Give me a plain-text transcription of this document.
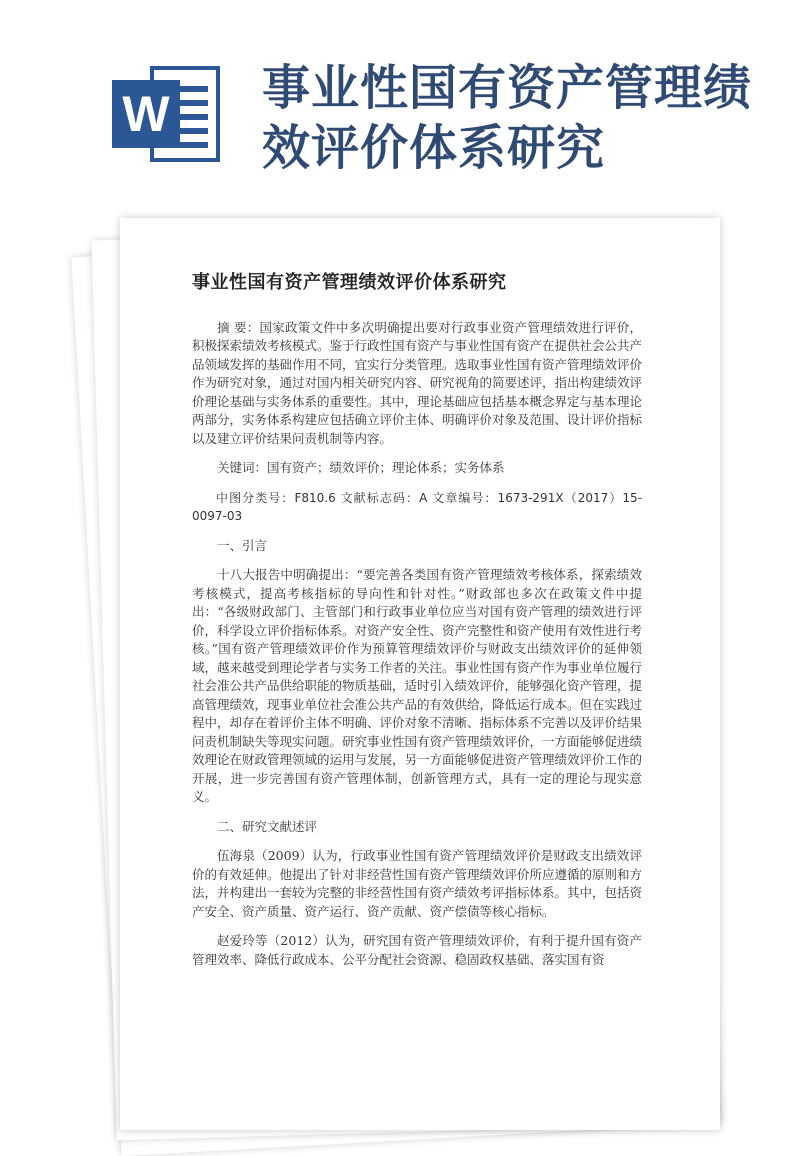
W 事业性国有资产管理绩
效评价体系研究
事业性国有资产管理绩效评价体系研究

摘 要：国家政策文件中多次明确提出要对行政事业资产管理绩效进行评价，积极探索绩效考核模式。鉴于行政性国有资产与事业性国有资产在提供社会公共产品领域发挥的基础作用不同，宜实行分类管理。选取事业性国有资产管理绩效评价作为研究对象，通过对国内相关研究内容、研究视角的简要述评，指出构建绩效评价理论基础与实务体系的重要性。其中，理论基础应包括基本概念界定与基本理论两部分，实务体系构建应包括确立评价主体、明确评价对象及范围、设计评价指标以及建立评价结果问责机制等内容。

关键词：国有资产；绩效评价；理论体系；实务体系

中图分类号：F810.6 文献标志码：A 文章编号：1673-291X（2017）15-0097-03

一、引言

十八大报告中明确提出：“要完善各类国有资产管理绩效考核体系，探索绩效考核模式，提高考核指标的导向性和针对性。”财政部也多次在政策文件中提出：“各级财政部门、主管部门和行政事业单位应当对国有资产管理的绩效进行评价，科学设立评价指标体系。对资产安全性、资产完整性和资产使用有效性进行考核。”国有资产管理绩效评价作为预算管理绩效评价与财政支出绩效评价的延伸领域，越来越受到理论学者与实务工作者的关注。事业性国有资产作为事业单位履行社会准公共产品供给职能的物质基础，适时引入绩效评价，能够强化资产管理，提高管理绩效，现事业单位社会准公共产品的有效供给，降低运行成本。但在实践过程中，却存在着评价主体不明确、评价对象不清晰、指标体系不完善以及评价结果问责机制缺失等现实问题。研究事业性国有资产管理绩效评价，一方面能够促进绩效理论在财政管理领域的运用与发展，另一方面能够促进资产管理绩效评价工作的开展，进一步完善国有资产管理体制，创新管理方式，具有一定的理论与现实意义。

二、研究文献述评

伍海泉（2009）认为，行政事业性国有资产管理绩效评价是财政支出绩效评价的有效延伸。他提出了针对非经营性国有资产管理绩效评价所应遵循的原则和方法，并构建出一套较为完整的非经营性国有资产绩效考评指标体系。其中，包括资产安全、资产质量、资产运行、资产贡献、资产偿债等核心指标。

赵爱玲等（2012）认为，研究国有资产管理绩效评价，有利于提升国有资产管理效率、降低行政成本、公平分配社会资源、稳固政权基础、落实国有资
